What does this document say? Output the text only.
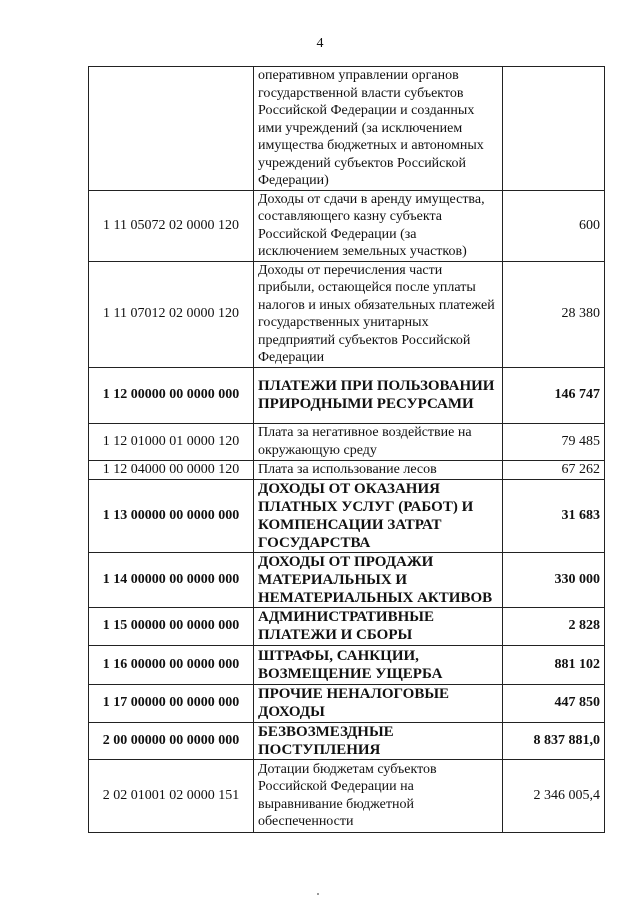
4
	оперативном управлении органов государственной власти субъектов Российской Федерации и созданных ими учреждений (за исключением имущества бюджетных и автономных учреждений субъектов Российской Федерации)	
1 11 05072 02 0000 120	Доходы от сдачи в аренду имущества, составляющего казну субъекта Российской Федерации (за исключением земельных участков)	600
1 11 07012 02 0000 120	Доходы от перечисления части прибыли, остающейся после уплаты налогов и иных обязательных платежей государственных унитарных предприятий субъектов Российской Федерации	28 380
1 12 00000 00 0000 000	ПЛАТЕЖИ ПРИ ПОЛЬЗОВАНИИ ПРИРОДНЫМИ РЕСУРСАМИ	146 747
1 12 01000 01 0000 120	Плата за негативное воздействие на окружающую среду	79 485
1 12 04000 00 0000 120	Плата за использование лесов	67 262
1 13 00000 00 0000 000	ДОХОДЫ ОТ ОКАЗАНИЯ ПЛАТНЫХ УСЛУГ (РАБОТ) И КОМПЕНСАЦИИ ЗАТРАТ ГОСУДАРСТВА	31 683
1 14 00000 00 0000 000	ДОХОДЫ ОТ ПРОДАЖИ МАТЕРИАЛЬНЫХ И НЕМАТЕРИАЛЬНЫХ АКТИВОВ	330 000
1 15 00000 00 0000 000	АДМИНИСТРАТИВНЫЕ ПЛАТЕЖИ И СБОРЫ	2 828
1 16 00000 00 0000 000	ШТРАФЫ, САНКЦИИ, ВОЗМЕЩЕНИЕ УЩЕРБА	881 102
1 17 00000 00 0000 000	ПРОЧИЕ НЕНАЛОГОВЫЕ ДОХОДЫ	447 850
2 00 00000 00 0000 000	БЕЗВОЗМЕЗДНЫЕ ПОСТУПЛЕНИЯ	8 837 881,0
2 02 01001 02 0000 151	Дотации бюджетам субъектов Российской Федерации на выравнивание бюджетной обеспеченности	2 346 005,4
